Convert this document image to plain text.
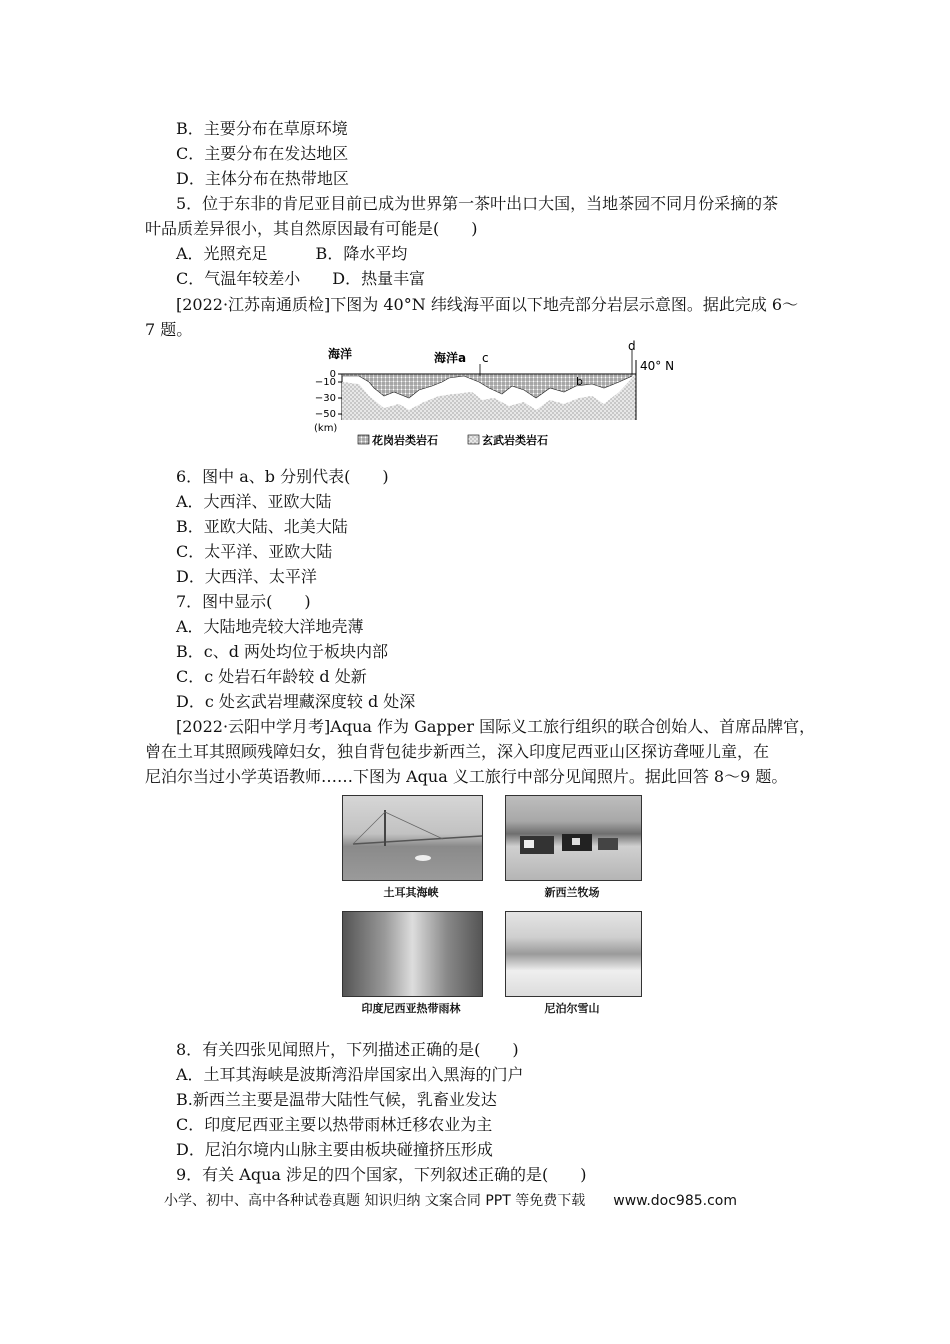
B．主要分布在草原环境
C．主要分布在发达地区
D．主体分布在热带地区
5．位于东非的肯尼亚目前已成为世界第一茶叶出口大国，当地茶园不同月份采摘的茶
叶品质差异很小，其自然原因最有可能是(　　)
A．光照充足　　　B．降水平均
C．气温年较差小　　D．热量丰富
[2022·江苏南通质检]下图为 40°N 纬线海平面以下地壳部分岩层示意图。据此完成 6～
7 题。
0
−10
−30
−50
(km)
海洋	海洋a c
d
b
40° N
花岗岩类岩石	玄武岩类岩石
6．图中 a、b 分别代表(　　)
A．大西洋、亚欧大陆
B．亚欧大陆、北美大陆
C．太平洋、亚欧大陆
D．大西洋、太平洋
7．图中显示(　　)
A．大陆地壳较大洋地壳薄
B．c、d 两处均位于板块内部
C．c 处岩石年龄较 d 处新
D．c 处玄武岩埋藏深度较 d 处深
[2022·云阳中学月考]Aqua 作为 Gapper 国际义工旅行组织的联合创始人、首席品牌官，
曾在土耳其照顾残障妇女，独自背包徒步新西兰，深入印度尼西亚山区探访聋哑儿童，在
尼泊尔当过小学英语教师……下图为 Aqua 义工旅行中部分见闻照片。据此回答 8～9 题。
土耳其海峡	新西兰牧场
印度尼西亚热带雨林	尼泊尔雪山
8．有关四张见闻照片，下列描述正确的是(　　)
A．土耳其海峡是波斯湾沿岸国家出入黑海的门户
B.新西兰主要是温带大陆性气候，乳畜业发达
C．印度尼西亚主要以热带雨林迁移农业为主
D．尼泊尔境内山脉主要由板块碰撞挤压形成
9．有关 Aqua 涉足的四个国家，下列叙述正确的是(　　)
小学、初中、高中各种试卷真题 知识归纳 文案合同 PPT 等免费下载 www.doc985.com
